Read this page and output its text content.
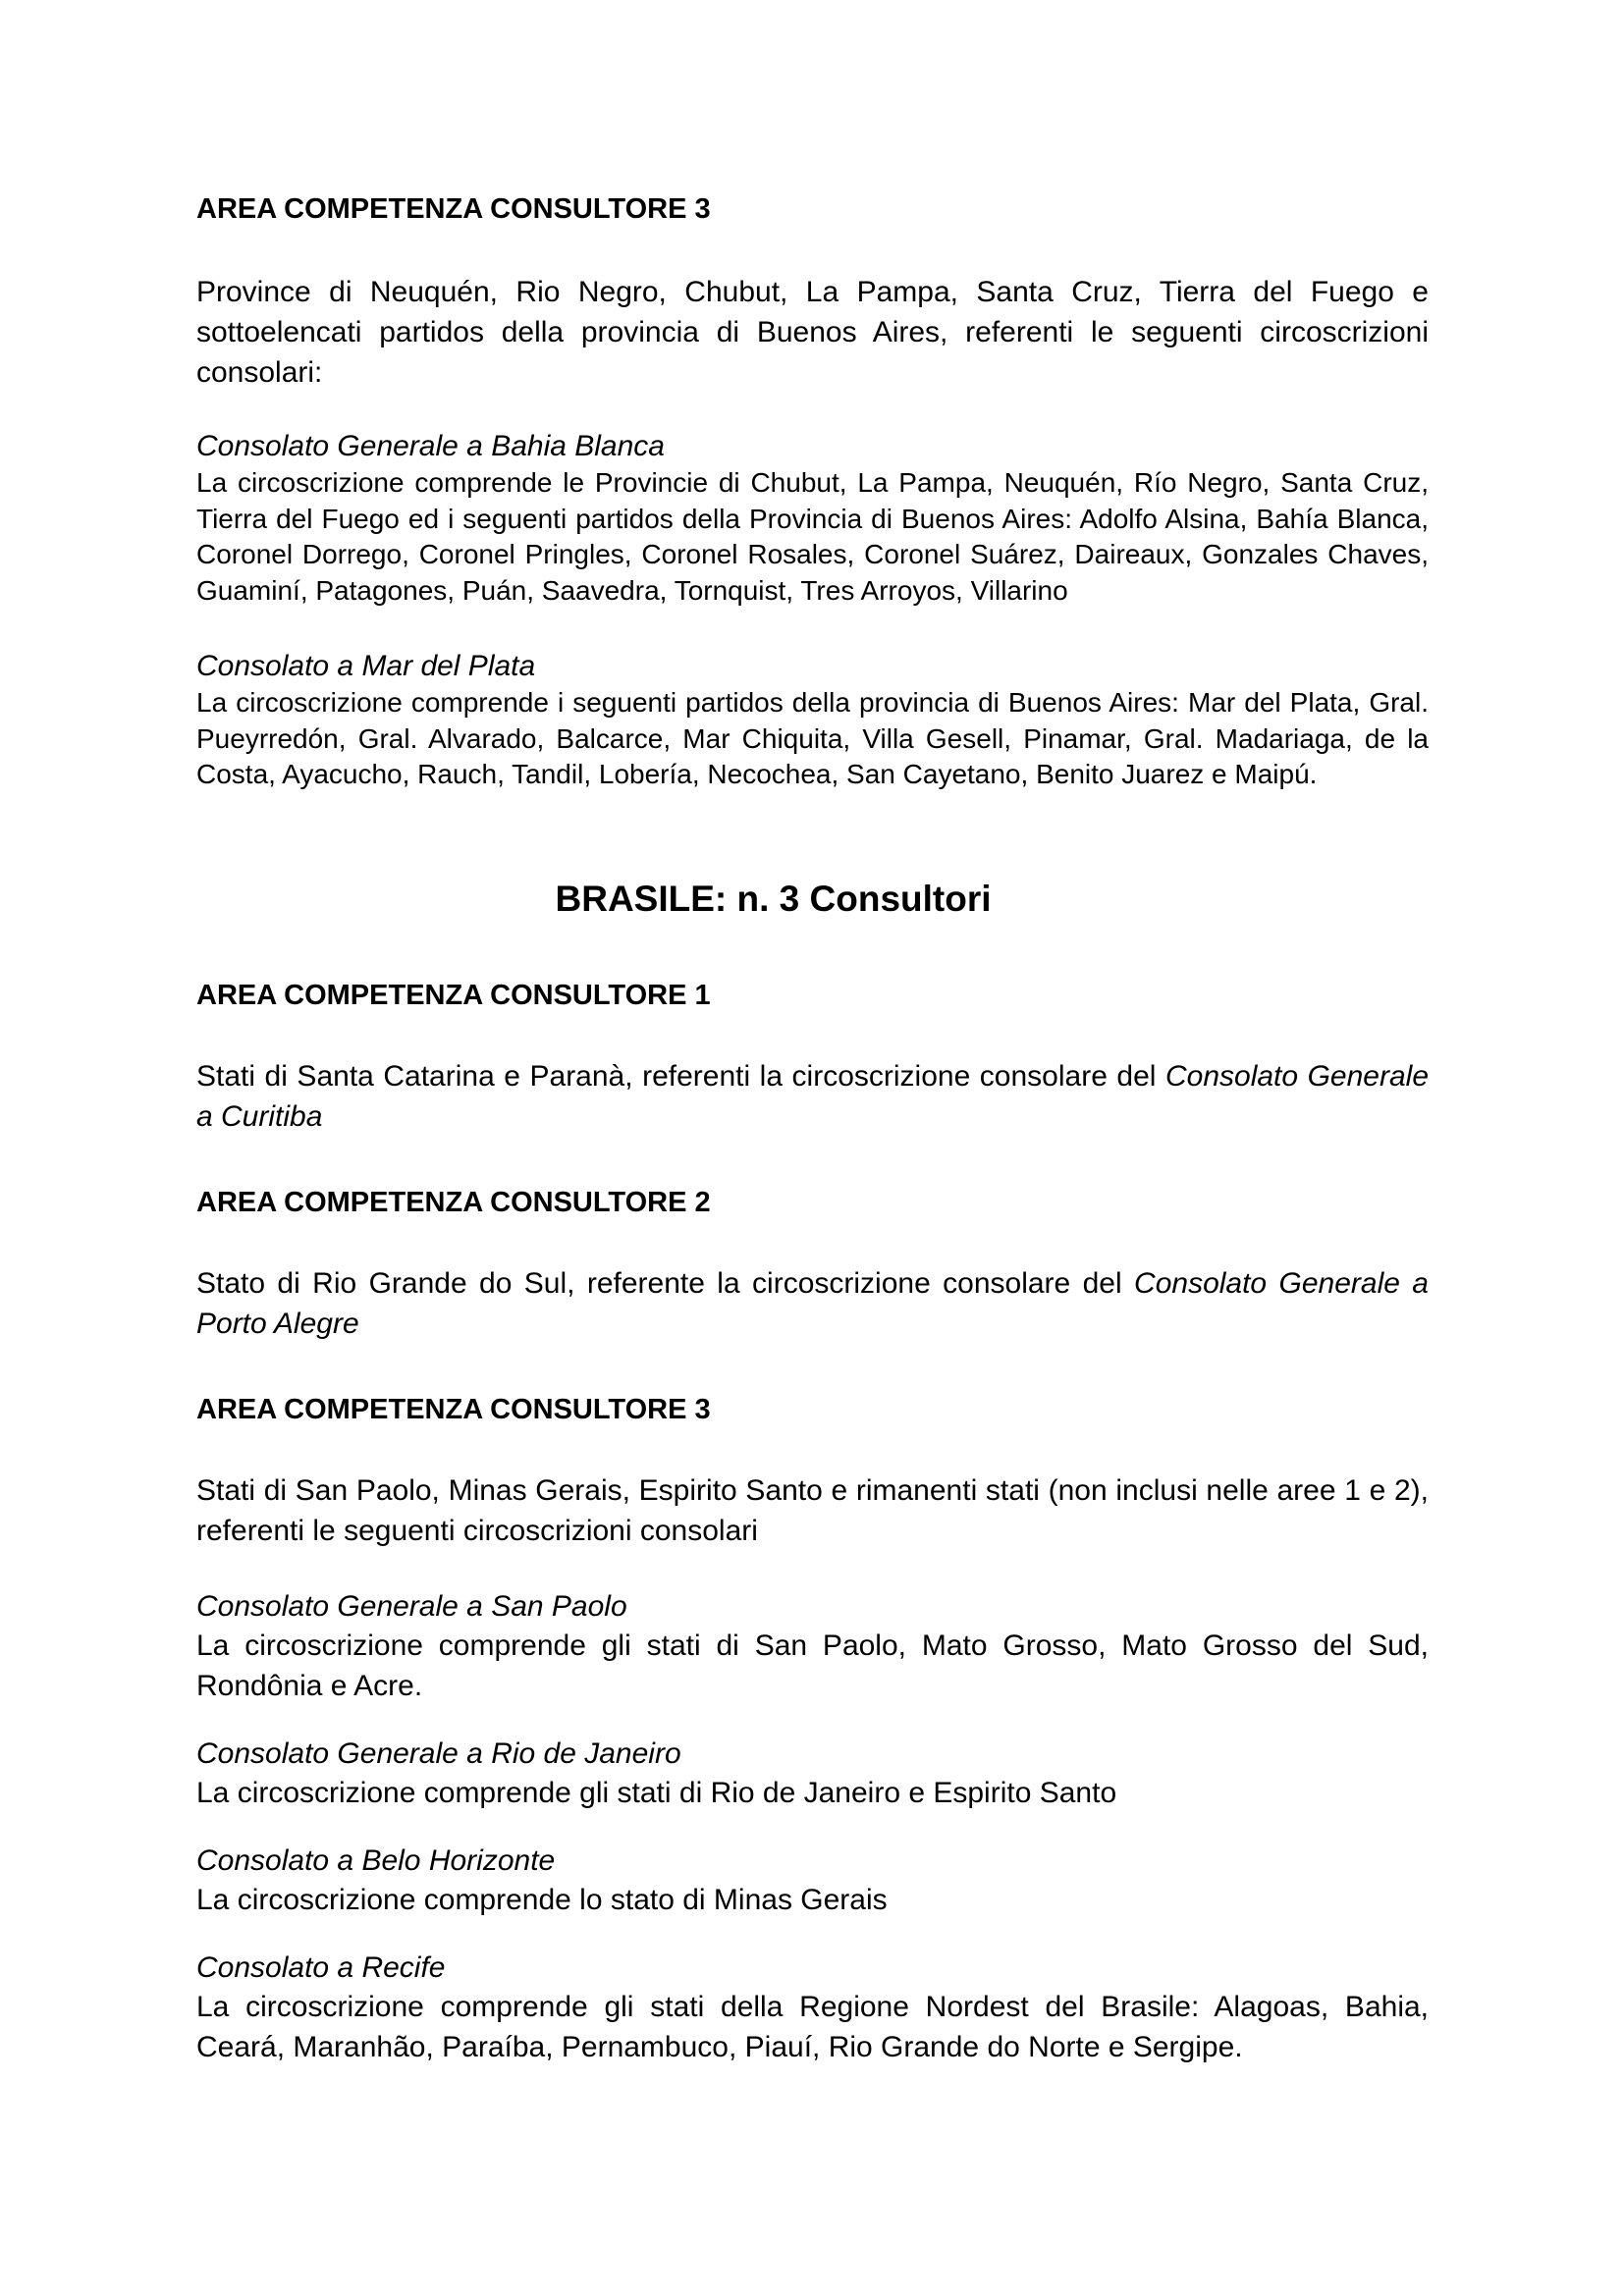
AREA COMPETENZA CONSULTORE 3

Province di Neuquén, Rio Negro, Chubut, La Pampa, Santa Cruz, Tierra del Fuego e sottoelencati partidos della provincia di Buenos Aires, referenti le seguenti circoscrizioni consolari:

Consolato Generale a Bahia Blanca

La circoscrizione comprende le Provincie di Chubut, La Pampa, Neuquén, Río Negro, Santa Cruz, Tierra del Fuego ed i seguenti partidos della Provincia di Buenos Aires: Adolfo Alsina, Bahía Blanca, Coronel Dorrego, Coronel Pringles, Coronel Rosales, Coronel Suárez, Daireaux, Gonzales Chaves, Guaminí, Patagones, Puán, Saavedra, Tornquist, Tres Arroyos, Villarino

Consolato a Mar del Plata

La circoscrizione comprende i seguenti partidos della provincia di Buenos Aires: Mar del Plata, Gral. Pueyrredón, Gral. Alvarado, Balcarce, Mar Chiquita, Villa Gesell, Pinamar, Gral. Madariaga, de la Costa, Ayacucho, Rauch, Tandil, Lobería, Necochea, San Cayetano, Benito Juarez e Maipú.

BRASILE: n. 3 Consultori
AREA COMPETENZA CONSULTORE 1

Stati di Santa Catarina e Paranà, referenti la circoscrizione consolare del Consolato Generale a Curitiba

AREA COMPETENZA CONSULTORE 2

Stato di Rio Grande do Sul, referente la circoscrizione consolare del Consolato Generale a Porto Alegre

AREA COMPETENZA CONSULTORE 3

Stati di San Paolo, Minas Gerais, Espirito Santo e rimanenti stati (non inclusi nelle aree 1 e 2), referenti le seguenti circoscrizioni consolari

Consolato Generale a San Paolo

La circoscrizione comprende gli stati di San Paolo, Mato Grosso, Mato Grosso del Sud, Rondônia e Acre.

Consolato Generale a Rio de Janeiro

La circoscrizione comprende gli stati di Rio de Janeiro e Espirito Santo

Consolato a Belo Horizonte

La circoscrizione comprende lo stato di Minas Gerais

Consolato a Recife

La circoscrizione comprende gli stati della Regione Nordest del Brasile: Alagoas, Bahia, Ceará, Maranhão, Paraíba, Pernambuco, Piauí, Rio Grande do Norte e Sergipe.
